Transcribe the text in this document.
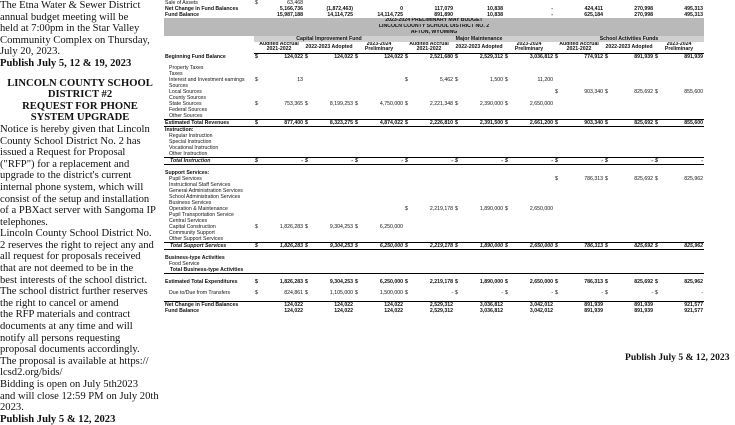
The Etna Water & Sewer District

annual budget meeting will be

held at 7:00pm in the Star Valley

Community Complex on Thursday,

July 20, 2023.

Publish July 5, 12 & 19, 2023

LINCOLN COUNTY SCHOOL

DISTRICT #2

REQUEST FOR PHONE

SYSTEM UPGRADE

Notice is hereby given that Lincoln

County School District No. 2 has

issued a Request for Proposal

("RFP") for a replacement and

upgrade to the district's current

internal phone system, which will

consist of the setup and installation

of a PBXact server with Sangoma IP

telephones.

Lincoln County School District No.

2 reserves the right to reject any and

all request for proposals received

that are not deemed to be in the

best interests of the school district.

The school district further reserves

the right to cancel or amend

the RFP materials and contract

documents at any time and will

notify all persons requesting

proposal documents accordingly.

The proposal is available at https://

lcsd2.org/bids/

Bidding is open on July 5th2023

and will close 12:59 PM on July 20th

2023.

Publish July 5 & 12, 2023

Sale of Assets	$	63,468																
Net Change in Fund Balances		5,166,736		(1,872,463)		0		117,079		10,838		-		424,411		270,998		495,313
Fund Balance		15,987,188		14,114,725		14,114,725		891,890		10,838		-		625,184		270,998		495,313
2023-2024 PRELIMINARY MAY BUDGET																		
LINCOLN COUNTY SCHOOL DISTRICT NO. 2																		
AFTON, WYOMING																		
	Capital Improvement Fund						Major Maintenance						School Activities Funds					
	Audited Accrual 2021-2022		2022-2023 Adopted		2023-2024 Preliminary		Audited Accrual 2021-2022		2022-2023 Adopted		2023-2024 Preliminary		Audited Accrual 2021-2022		2022-2023 Adopted		2023-2024 Preliminary	
Beginning Fund Balance	$	124,022	$	124,022	$	124,022	$	2,521,680	$	2,529,312	$	3,036,812	$	774,912	$	891,939	$	891,939

Property Taxes																		
Taxes																		
Interest and Investment earnings	$	13					$	5,462	$	1,500	$	11,200						
Sources																		
Local Sources													$	903,340	$	825,692	$	855,600
County Sources																		
State Sources	$	753,365	$	8,199,253	$	4,750,000	$	2,221,348	$	2,390,000	$	2,650,000						
Federal Sources																		
Other Sources																		
Estimated Total Revenues	$	877,400	$	8,323,275	$	4,874,022	$	2,226,810	$	2,391,500	$	2,661,200	$	903,340	$	825,692	$	855,600
Instruction:																		
Regular Instruction																		
Special Instruction																		
Vocational Instruction																		
Other Instruction																		
Total Instruction	$	-	$	-	$	-	$	-	$	-	$	-	$	-	$	-	$	-

Support Services:																		
Pupil Services													$	786,313	$	825,692	$	825,962
Instructional Staff Services																		
General Administration Services																		
School Administration Services																		
Business Services																		
Operation & Maintenance							$	2,219,178	$	1,890,000	$	2,650,000						
Pupil Transportation Service																		
Central Services																		
Capital Construction	$	1,826,283	$	9,304,253	$	6,250,000												
Community Support																		
Other Support Services																		
Total Support Services	$	1,826,283	$	9,304,253	$	6,250,000	$	2,219,178	$	1,890,000	$	2,650,000	$	786,313	$	825,692	$	825,962

Business-type Activities																		
Food Service																		
Total Business-type Activities																		

Estimated Total Expenditures	$	1,826,283	$	9,304,253	$	6,250,000	$	2,219,178	$	1,890,000	$	2,650,000	$	786,313	$	825,692	$	825,962

Due to/Due from Transfers	$	824,861	$	1,105,000	$	1,500,000	$	-	$	-	$	-	$	-	$	-	$	-

Net Change in Fund Balances		124,022		124,022		124,022		2,529,312		3,036,812		3,042,012		891,939		891,939		921,577
Fund Balance		124,022		124,022		124,022		2,529,312		3,036,812		3,042,012		891,939		891,939		921,577
Publish July 5 & 12, 2023
